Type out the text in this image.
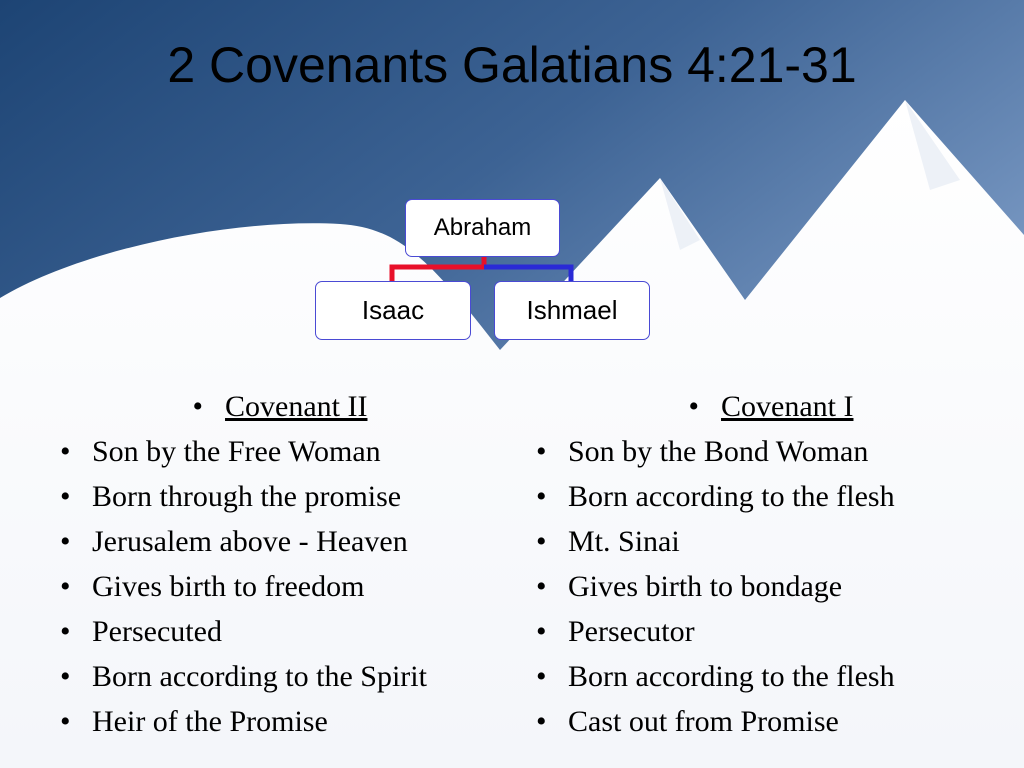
2 Covenants Galatians 4:21-31
Abraham
Isaac	Ishmael
• Covenant II
• Son by the Free Woman
• Born through the promise
• Jerusalem above - Heaven
• Gives birth to freedom
• Persecuted
• Born according to the Spirit
• Heir of the Promise
• Covenant I
• Son by the Bond Woman
• Born according to the flesh
• Mt. Sinai
• Gives birth to bondage
• Persecutor
• Born according to the flesh
• Cast out from Promise
